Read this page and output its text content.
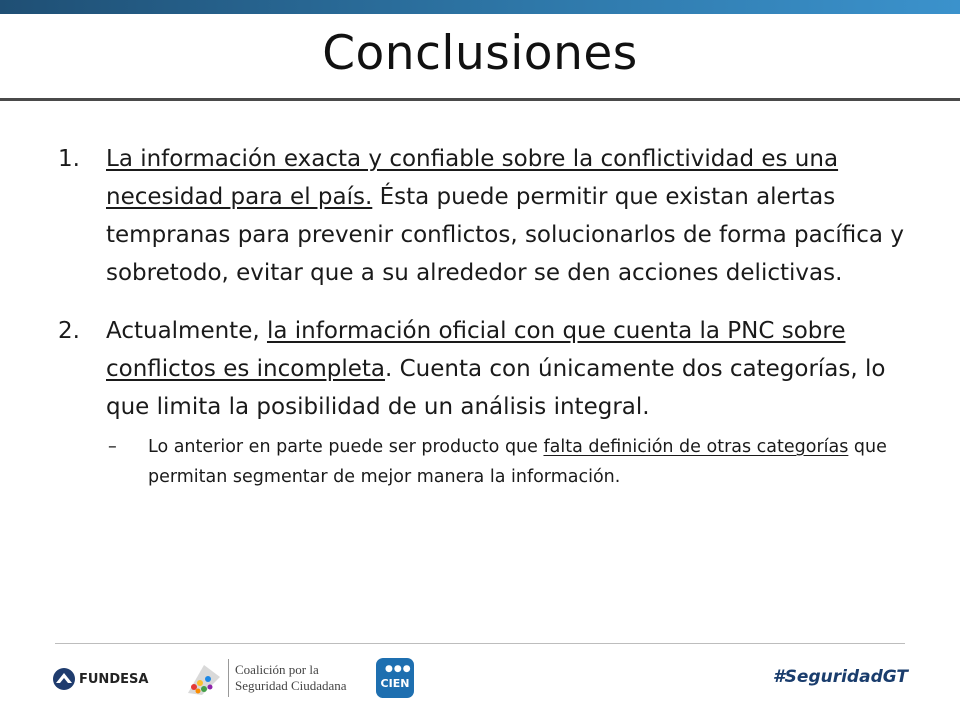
Conclusiones
1. La información exacta y confiable sobre la conflictividad es una necesidad para el país. Ésta puede permitir que existan alertas tempranas para prevenir conflictos, solucionarlos de forma pacífica y sobretodo, evitar que a su alrededor se den acciones delictivas.
2. Actualmente, la información oficial con que cuenta la PNC sobre conflictos es incompleta. Cuenta con únicamente dos categorías, lo que limita la posibilidad de un análisis integral.
– Lo anterior en parte puede ser producto que falta definición de otras categorías que permitan segmentar de mejor manera la información.
FUNDESA
Coalición por la
Seguridad Ciudadana
●●●
CIEN	#SeguridadGT
